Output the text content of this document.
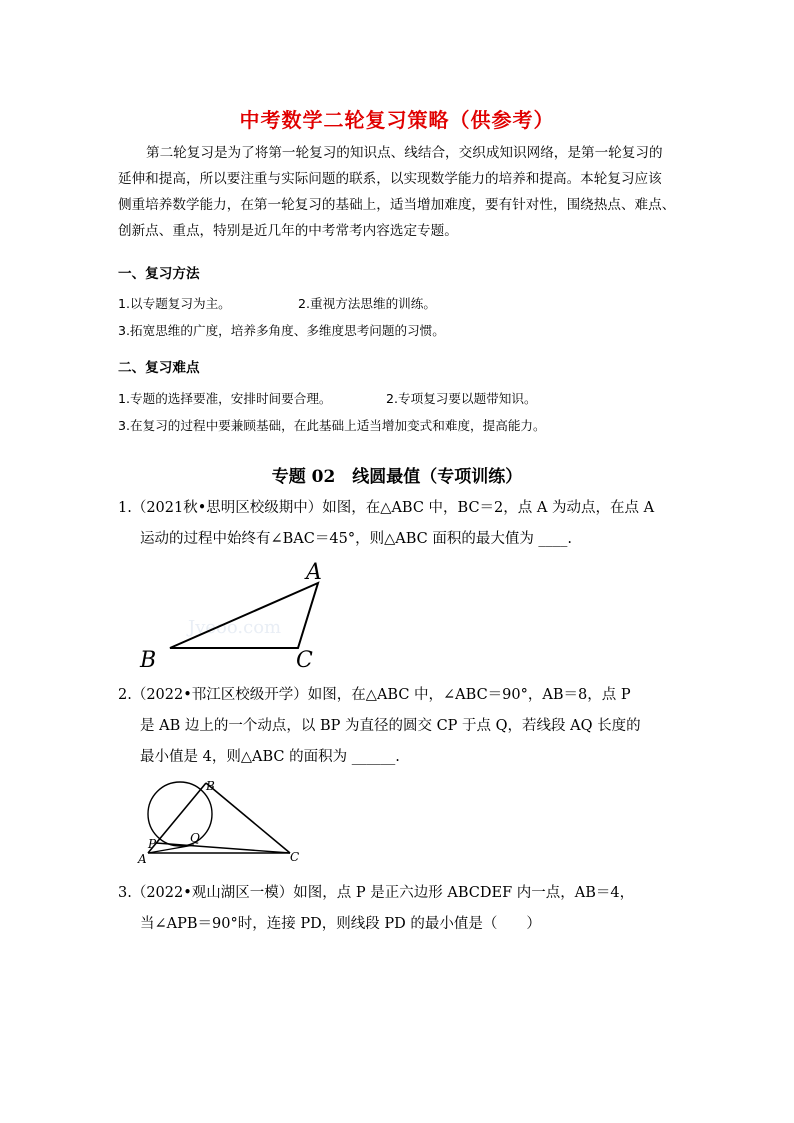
中考数学二轮复习策略（供参考）
第二轮复习是为了将第一轮复习的知识点、线结合，交织成知识网络，是第一轮复习的
延伸和提高，所以要注重与实际问题的联系，以实现数学能力的培养和提高。本轮复习应该
侧重培养数学能力，在第一轮复习的基础上，适当增加难度，要有针对性，围绕热点、难点、
创新点、重点，特别是近几年的中考常考内容选定专题。
一、复习方法
1.以专题复习为主。	2.重视方法思维的训练。
3.拓宽思维的广度，培养多角度、多维度思考问题的习惯。
二、复习难点
1.专题的选择要准，安排时间要合理。	2.专项复习要以题带知识。
3.在复习的过程中要兼顾基础，在此基础上适当增加变式和难度，提高能力。
专题 02　线圆最值（专项训练）
1.（2021秋•思明区校级期中）如图，在△ABC 中，BC＝2，点 A 为动点，在点 A
运动的过程中始终有∠BAC＝45°，则△ABC 面积的最大值为 ____.
Jyeoo.com
A
B	C
2.（2022•邗江区校级开学）如图，在△ABC 中，∠ABC＝90°，AB＝8，点 P
是 AB 边上的一个动点，以 BP 为直径的圆交 CP 于点 Q，若线段 AQ 长度的
最小值是 4，则△ABC 的面积为 ______.
B
P	Q
A	C
3.（2022•观山湖区一模）如图，点 P 是正六边形 ABCDEF 内一点，AB＝4，
当∠APB＝90°时，连接 PD，则线段 PD 的最小值是（　　）
